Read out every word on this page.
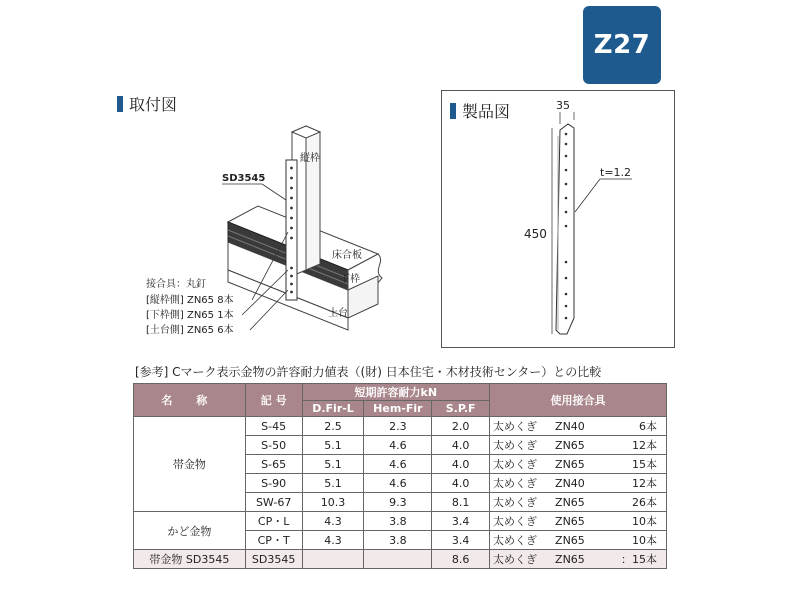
Z27
取付図
SD3545
縦枠
床合板
下枠
土台
接合具：丸釘
[縦枠側] ZN65 8本
[下枠側] ZN65 1本
[土台側] ZN65 6本
製品図	35
450
t=1.2
[参考] Cマーク表示金物の許容耐力値表（(財) 日本住宅・木材技術センター）との比較
名 称	記 号	短期許容耐力kN			使用接合具
		D.Fir-L	Hem-Fir	S.P.F	
帯金物	S-45	2.5	2.3	2.0	太めくぎ ZN40 6本
	S-50	5.1	4.6	4.0	太めくぎ ZN65 12本
	S-65	5.1	4.6	4.0	太めくぎ ZN65 15本
	S-90	5.1	4.6	4.0	太めくぎ ZN40 12本
	SW-67	10.3	9.3	8.1	太めくぎ ZN65 26本
かど金物	CP・L	4.3	3.8	3.4	太めくぎ ZN65 10本
	CP・T	4.3	3.8	3.4	太めくぎ ZN65 10本
帯金物 SD3545	SD3545			8.6	太めくぎ ZN65 ：15本
